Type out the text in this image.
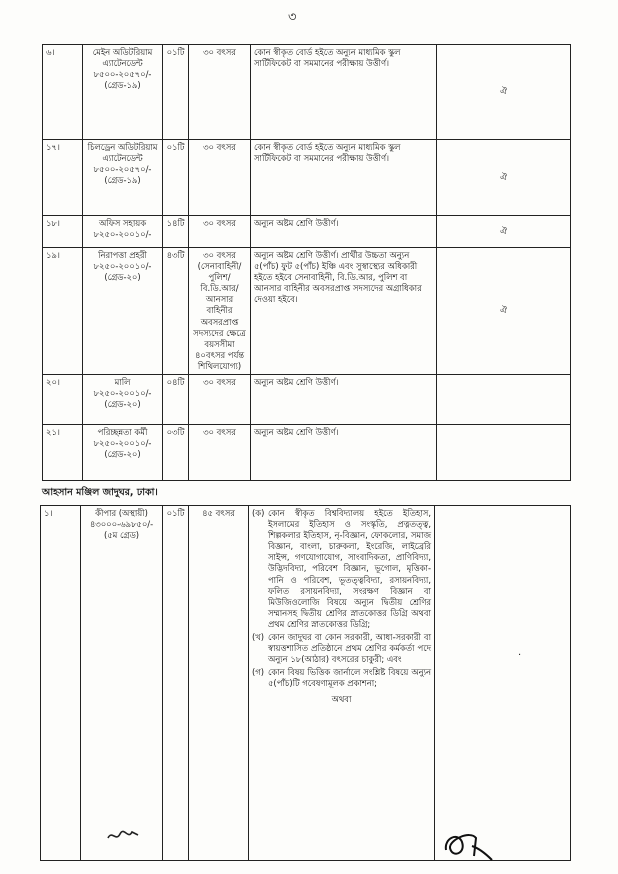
৩
৬।	মেইন অডিটরিয়াম এ্যাটেনডেন্ট ৮৫০০-২০৫৭০/- (গ্রেড-১৯)	০১টি	৩০ বৎসর	কোন স্বীকৃত বোর্ড হইতে অন্যুন মাধ্যমিক স্কুল সার্টিফিকেট বা সমমানের পরীক্ষায় উত্তীর্ণ।	ঐ
১৭।	চিলড্রেন অডিটরিয়াম এ্যাটেনডেন্ট ৮৫০০-২০৫৭০/- (গ্রেড-১৯)	০১টি	৩০ বৎসর	কোন স্বীকৃত বোর্ড হইতে অন্যুন মাধ্যমিক স্কুল সার্টিফিকেট বা সমমানের পরীক্ষায় উত্তীর্ণ।	ঐ
১৮।	অফিস সহায়ক ৮২৫০-২০০১০/-	১৪টি	৩০ বৎসর	অন্যুন অষ্টম শ্রেণি উত্তীর্ণ।	ঐ
১৯।	নিরাপত্তা প্রহরী ৮২৫০-২০০১০/- (গ্রেড-২০)	৪৩টি	৩০ বৎসর (সেনাবাহিনী/পুলিশ/বি.ডি.আর/ আনসার বাহিনীর অবসরপ্রাপ্ত সদস্যদের ক্ষেত্রে বয়সসীমা ৪০বৎসর পর্যন্ত শিথিলযোগ্য)	অন্যুন অষ্টম শ্রেণি উত্তীর্ণ। প্রার্থীর উচ্চতা অন্যুন ৫(পাঁচ) ফুট ৫(পাঁচ) ইঞ্চি এবং সুস্বাস্থ্যের অধিকারী হইতে হইবে সেনাবাহিনী, বি.ডি.আর, পুলিশ বা আনসার বাহিনীর অবসরপ্রাপ্ত সদস্যদের অগ্রাধিকার দেওয়া হইবে।	ঐ
২০।	মালি ৮২৫০-২০০১০/- (গ্রেড-২০)	০৪টি	৩০ বৎসর	অন্যুন অষ্টম শ্রেণি উত্তীর্ণ।	
২১।	পরিচ্ছন্নতা কর্মী ৮২৫০-২০০১০/- (গ্রেড-২০)	০৩টি	৩০ বৎসর	অন্যুন অষ্টম শ্রেণি উত্তীর্ণ।	
আহসান মঞ্জিল জাদুঘর, ঢাকা।
১।	কীপার (অস্থায়ী) ৪৩০০০-৬৯৮৫০/- (৫ম গ্রেড)	০১টি	৪৫ বৎসর	(ক) কোন স্বীকৃত বিশ্ববিদ্যালয় হইতে ইতিহাস, ইসলামের ইতিহাস ও সংস্কৃতি, প্রত্নতত্ত্ব, শিল্পকলার ইতিহাস, নৃ-বিজ্ঞান, ফোকলোর, সমাজ বিজ্ঞান, বাংলা, চারুকলা, ইংরেজি, লাইব্রেরি সাইন্স, গণযোগাযোগ, সাংবাদিকতা, প্রাণিবিদ্যা, উদ্ভিদবিদ্যা, পরিবেশ বিজ্ঞান, ভূগোল, মৃত্তিকা-পানি ও পরিবেশ, ভূতত্ত্ববিদ্যা, রসায়নবিদ্যা, ফলিত রসায়নবিদ্যা, সংরক্ষণ বিজ্ঞান বা মিউজিওলোজি বিষয়ে অন্যুন দ্বিতীয় শ্রেণির সম্মানসহ দ্বিতীয় শ্রেণির স্নাতকোত্তর ডিগ্রি অথবা প্রথম শ্রেণির স্নাতকোত্তর ডিগ্রি;
(খ) কোন জাদুঘর বা কোন সরকারী, আধা-সরকারী বা স্বায়ত্তশাসিত প্রতিষ্ঠানে প্রথম শ্রেণির কর্মকর্তা পদে অন্যুন ১৮(আঠার) বৎসরের চাকুরী; এবং
(গ) কোন বিষয় ভিত্তিক জার্নালে সংশ্লিষ্ট বিষয়ে অন্যুন ৫(পাঁচ)টি গবেষণামূলক প্রকাশনা;
অথবা

·
